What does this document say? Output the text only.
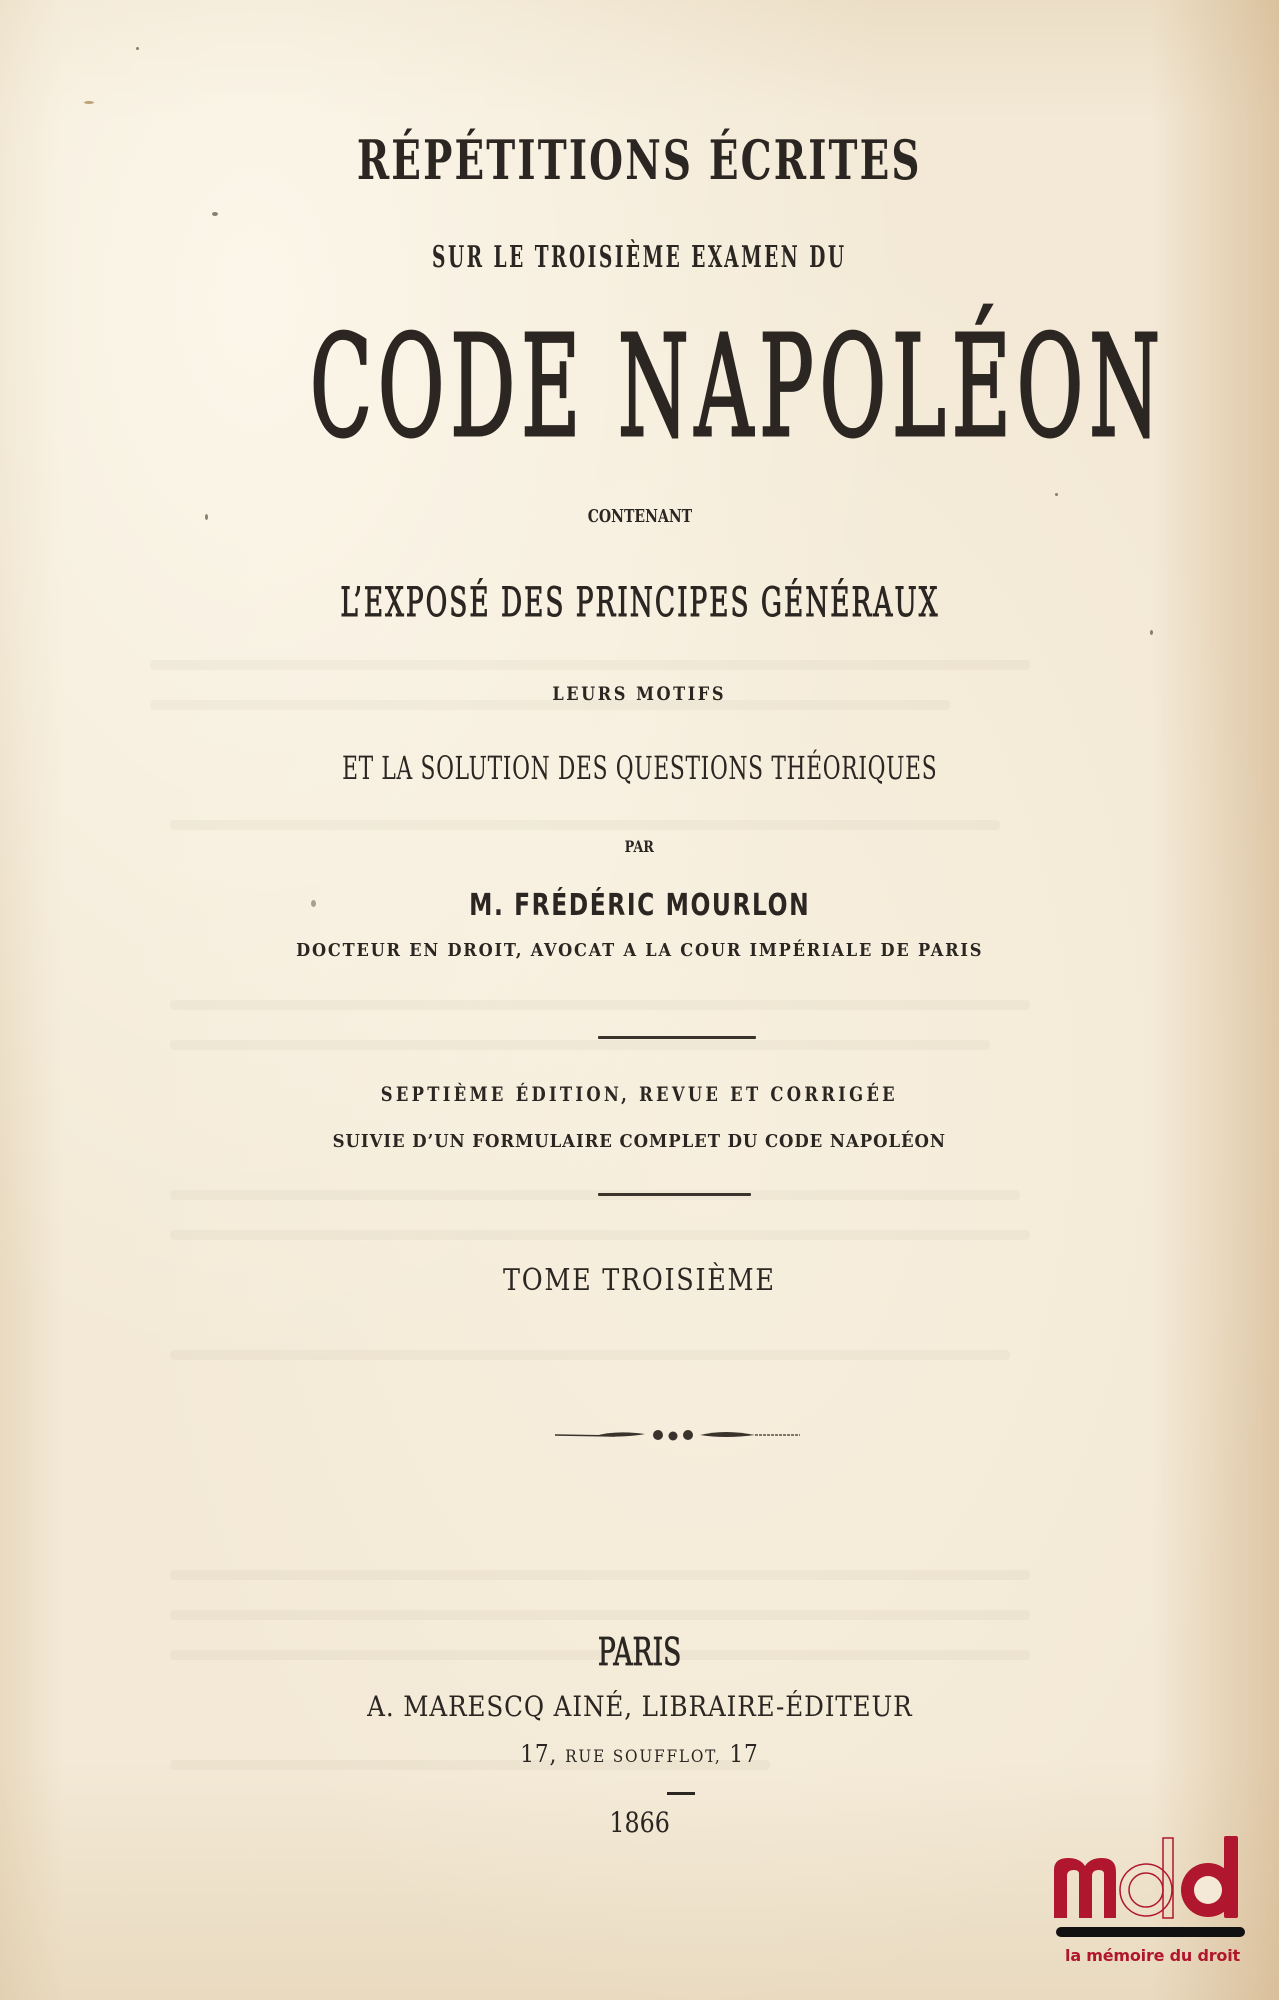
RÉPÉTITIONS ÉCRITES
SUR LE TROISIÈME EXAMEN DU
CODE NAPOLÉON
CONTENANT
L’EXPOSÉ DES PRINCIPES GÉNÉRAUX
LEURS MOTIFS
ET LA SOLUTION DES QUESTIONS THÉORIQUES
PAR
M. FRÉDÉRIC MOURLON
DOCTEUR EN DROIT, AVOCAT A LA COUR IMPÉRIALE DE PARIS
SEPTIÈME ÉDITION, REVUE ET CORRIGÉE
SUIVIE D’UN FORMULAIRE COMPLET DU CODE NAPOLÉON
TOME TROISIÈME
PARIS
A. MARESCQ AINÉ, LIBRAIRE-ÉDITEUR
17, RUE SOUFFLOT, 17
1866
la mémoire du droit
